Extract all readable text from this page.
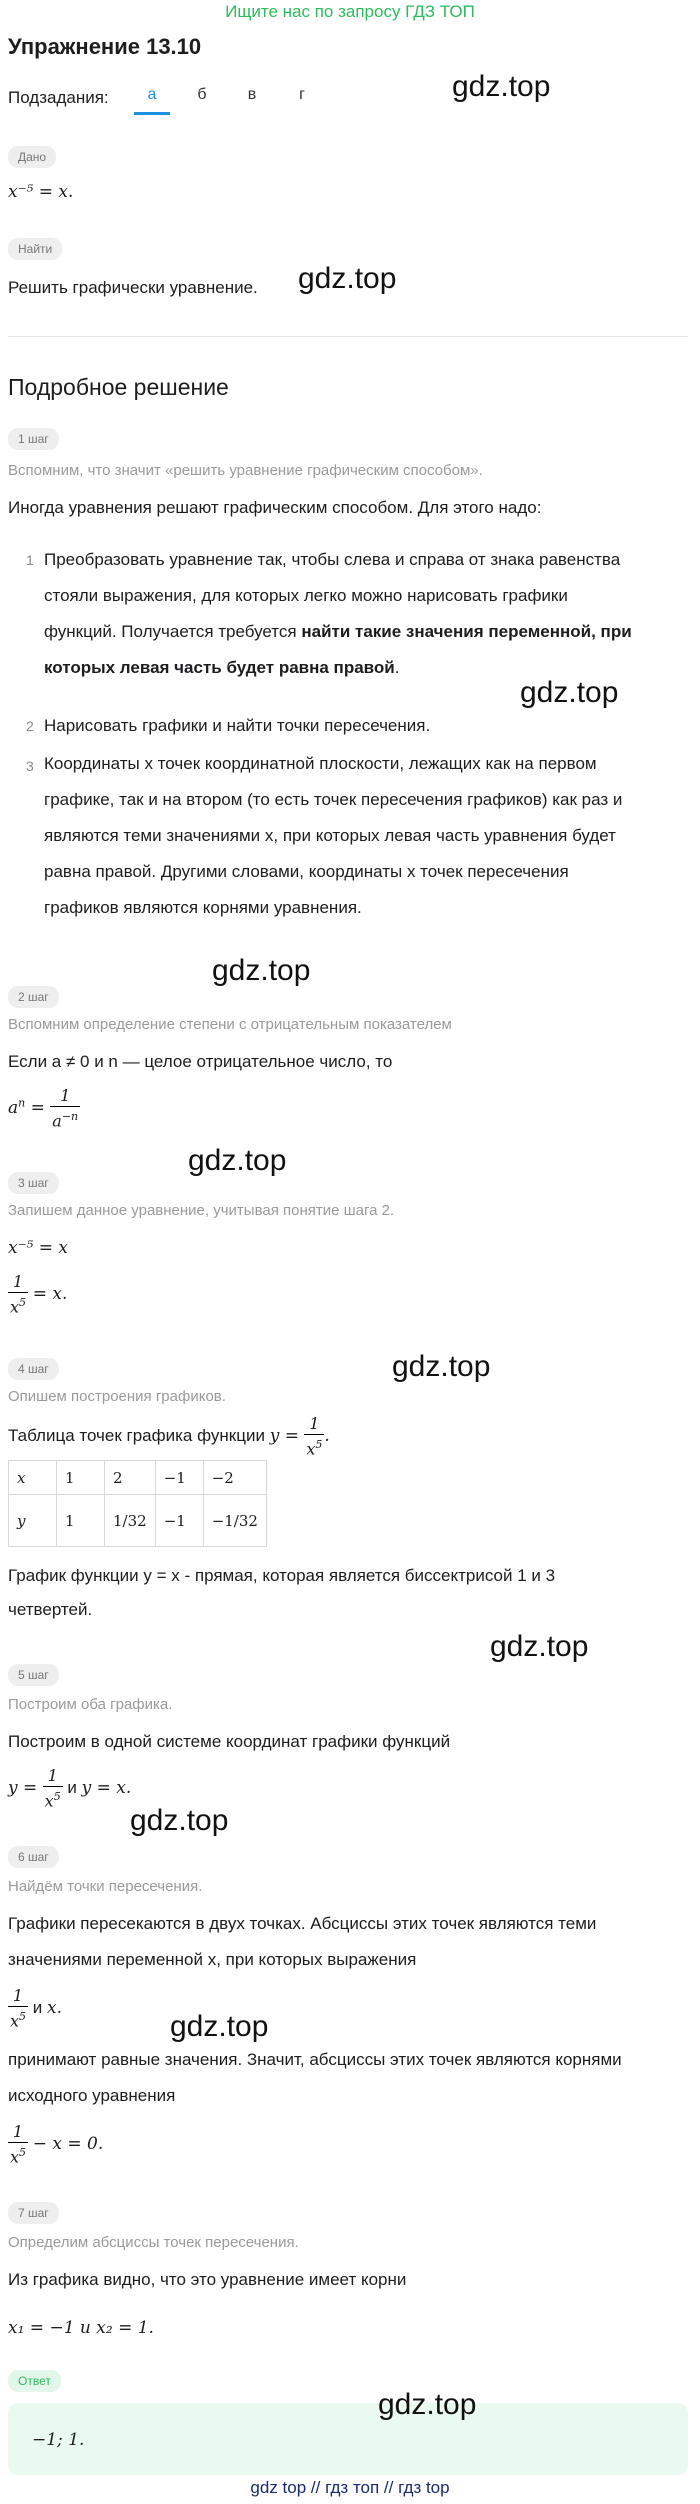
Ищите нас по запросу ГДЗ ТОП
Упражнение 13.10
Подзадания:	а	б	в	г	gdz.top
Дано
x⁻⁵ = x.
Найти
Решить графически уравнение. gdz.top
Подробное решение
1 шаг
Вспомним, что значит «решить уравнение графическим способом».
Иногда уравнения решают графическим способом. Для этого надо:
1 Преобразовать уравнение так, чтобы слева и справа от знака равенства
стояли выражения, для которых легко можно нарисовать графики
функций. Получается требуется найти такие значения переменной, при
которых левая часть будет равна правой.
gdz.top
2 Нарисовать графики и найти точки пересечения.
3 Координаты x точек координатной плоскости, лежащих как на первом
графике, так и на втором (то есть точек пересечения графиков) как раз и
являются теми значениями x, при которых левая часть уравнения будет
равна правой. Другими словами, координаты x точек пересечения
графиков являются корнями уравнения.
gdz.top
2 шаг
Вспомним определение степени с отрицательным показателем
Если a ≠ 0 и n — целое отрицательное число, то
$a^n = \frac{1}{a^{-n}}$
gdz.top
3 шаг
Запишем данное уравнение, учитывая понятие шага 2.
x⁻⁵ = x
$\frac{1}{x^5} = x$.
gdz.top
4 шаг
Опишем построения графиков.
Таблица точек графика функции $y = \frac{1}{x^5}$ .
x	1	2	−1	−2
y	1	1/32	−1	−1/32
График функции y = x - прямая, которая является биссектрисой 1 и 3
четвертей.
gdz.top
5 шаг
Построим оба графика.
Построим в одной системе координат графики функций
$y = \frac{1}{x^5}$ и y = x.
gdz.top
6 шаг
Найдём точки пересечения.
Графики пересекаются в двух точках. Абсциссы этих точек являются теми
значениями переменной x, при которых выражения
$\frac{1}{x^5}$ и x.
gdz.top
принимают равные значения. Значит, абсциссы этих точек являются корнями
исходного уравнения
$\frac{1}{x^5} - x = 0$.
7 шаг
Определим абсциссы точек пересечения.
Из графика видно, что это уравнение имеет корни
x₁ = −1 и x₂ = 1.
Ответ
−1; 1.
gdz.top
gdz top // гдз топ // гдз top
